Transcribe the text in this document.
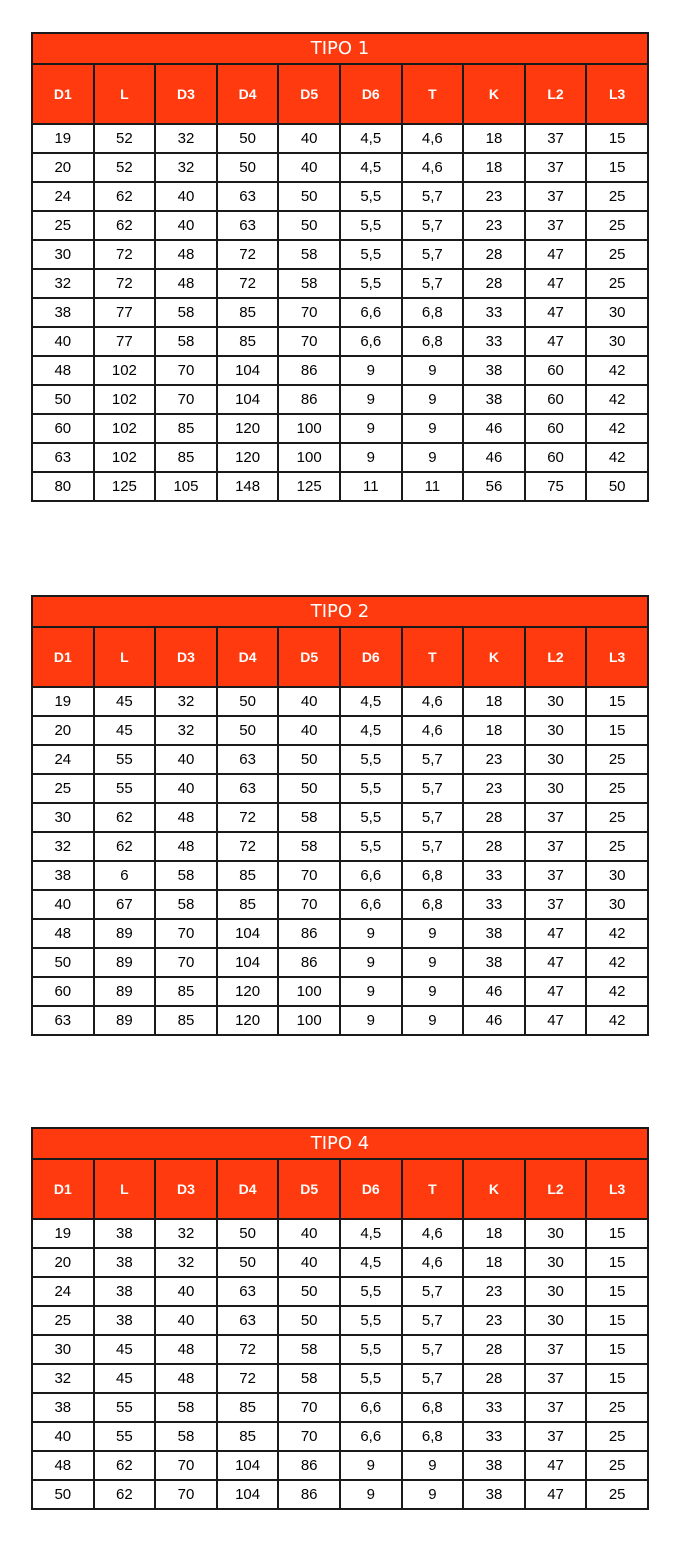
TIPO 1									
D1	L	D3	D4	D5	D6	T	K	L2	L3
19	52	32	50	40	4,5	4,6	18	37	15
20	52	32	50	40	4,5	4,6	18	37	15
24	62	40	63	50	5,5	5,7	23	37	25
25	62	40	63	50	5,5	5,7	23	37	25
30	72	48	72	58	5,5	5,7	28	47	25
32	72	48	72	58	5,5	5,7	28	47	25
38	77	58	85	70	6,6	6,8	33	47	30
40	77	58	85	70	6,6	6,8	33	47	30
48	102	70	104	86	9	9	38	60	42
50	102	70	104	86	9	9	38	60	42
60	102	85	120	100	9	9	46	60	42
63	102	85	120	100	9	9	46	60	42
80	125	105	148	125	11	11	56	75	50
TIPO 2									
D1	L	D3	D4	D5	D6	T	K	L2	L3
19	45	32	50	40	4,5	4,6	18	30	15
20	45	32	50	40	4,5	4,6	18	30	15
24	55	40	63	50	5,5	5,7	23	30	25
25	55	40	63	50	5,5	5,7	23	30	25
30	62	48	72	58	5,5	5,7	28	37	25
32	62	48	72	58	5,5	5,7	28	37	25
38	6	58	85	70	6,6	6,8	33	37	30
40	67	58	85	70	6,6	6,8	33	37	30
48	89	70	104	86	9	9	38	47	42
50	89	70	104	86	9	9	38	47	42
60	89	85	120	100	9	9	46	47	42
63	89	85	120	100	9	9	46	47	42
TIPO 4									
D1	L	D3	D4	D5	D6	T	K	L2	L3
19	38	32	50	40	4,5	4,6	18	30	15
20	38	32	50	40	4,5	4,6	18	30	15
24	38	40	63	50	5,5	5,7	23	30	15
25	38	40	63	50	5,5	5,7	23	30	15
30	45	48	72	58	5,5	5,7	28	37	15
32	45	48	72	58	5,5	5,7	28	37	15
38	55	58	85	70	6,6	6,8	33	37	25
40	55	58	85	70	6,6	6,8	33	37	25
48	62	70	104	86	9	9	38	47	25
50	62	70	104	86	9	9	38	47	25
